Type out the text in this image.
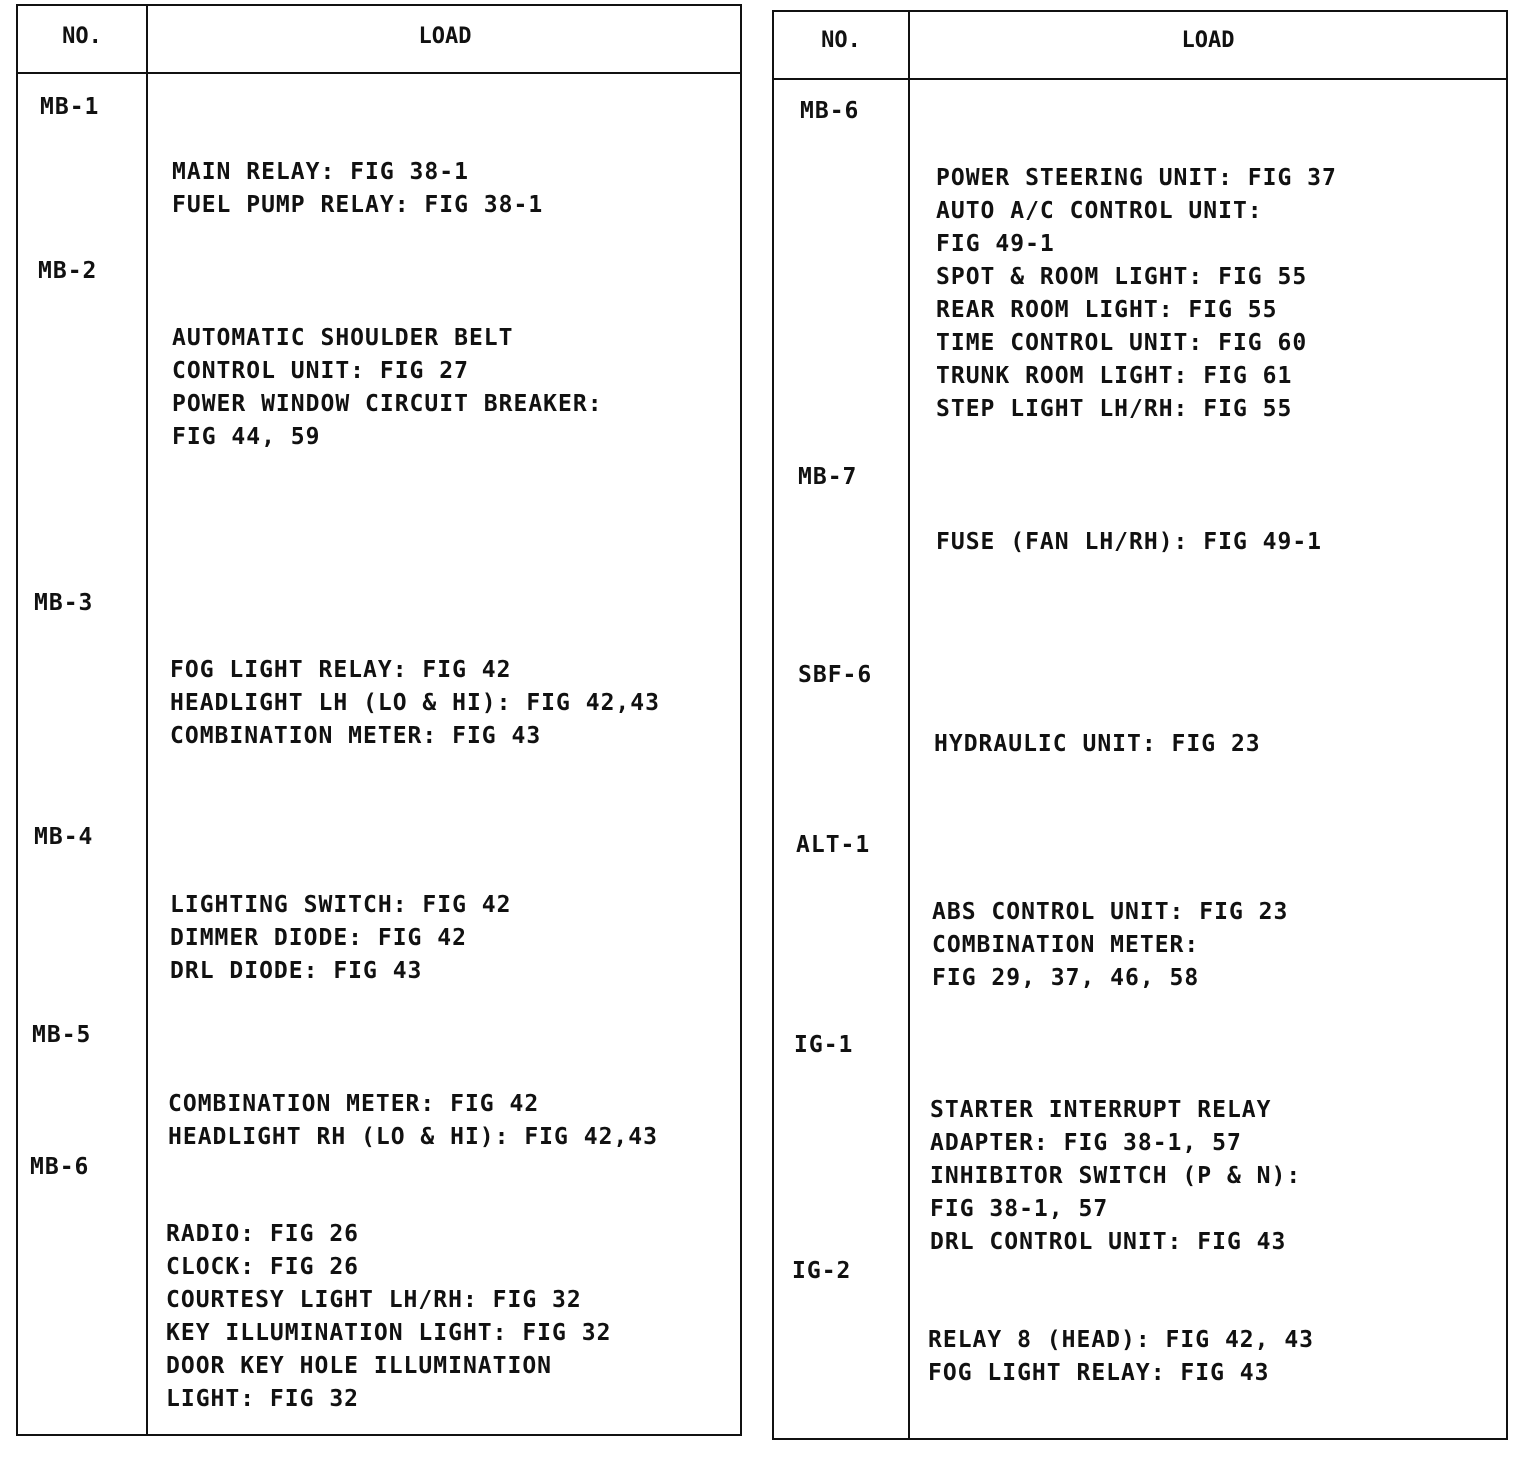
NO.	LOAD
MB-1

MAIN RELAY: FIG 38-1
FUEL PUMP RELAY: FIG 38-1

MB-2

AUTOMATIC SHOULDER BELT
CONTROL UNIT: FIG 27
POWER WINDOW CIRCUIT BREAKER:
FIG 44, 59

MB-3

FOG LIGHT RELAY: FIG 42
HEADLIGHT LH (LO & HI): FIG 42,43
COMBINATION METER: FIG 43

MB-4

LIGHTING SWITCH: FIG 42
DIMMER DIODE: FIG 42
DRL DIODE: FIG 43

MB-5

COMBINATION METER: FIG 42
HEADLIGHT RH (LO & HI): FIG 42,43

MB-6

RADIO: FIG 26
CLOCK: FIG 26
COURTESY LIGHT LH/RH: FIG 32
KEY ILLUMINATION LIGHT: FIG 32
DOOR KEY HOLE ILLUMINATION
LIGHT: FIG 32

NO.	LOAD
MB-6

POWER STEERING UNIT: FIG 37
AUTO A/C CONTROL UNIT:
FIG 49-1
SPOT & ROOM LIGHT: FIG 55
REAR ROOM LIGHT: FIG 55
TIME CONTROL UNIT: FIG 60
TRUNK ROOM LIGHT: FIG 61
STEP LIGHT LH/RH: FIG 55

MB-7

FUSE (FAN LH/RH): FIG 49-1

SBF-6

HYDRAULIC UNIT: FIG 23

ALT-1

ABS CONTROL UNIT: FIG 23
COMBINATION METER:
FIG 29, 37, 46, 58

IG-1

STARTER INTERRUPT RELAY
ADAPTER: FIG 38-1, 57
INHIBITOR SWITCH (P & N):
FIG 38-1, 57
DRL CONTROL UNIT: FIG 43

IG-2

RELAY 8 (HEAD): FIG 42, 43
FOG LIGHT RELAY: FIG 43
